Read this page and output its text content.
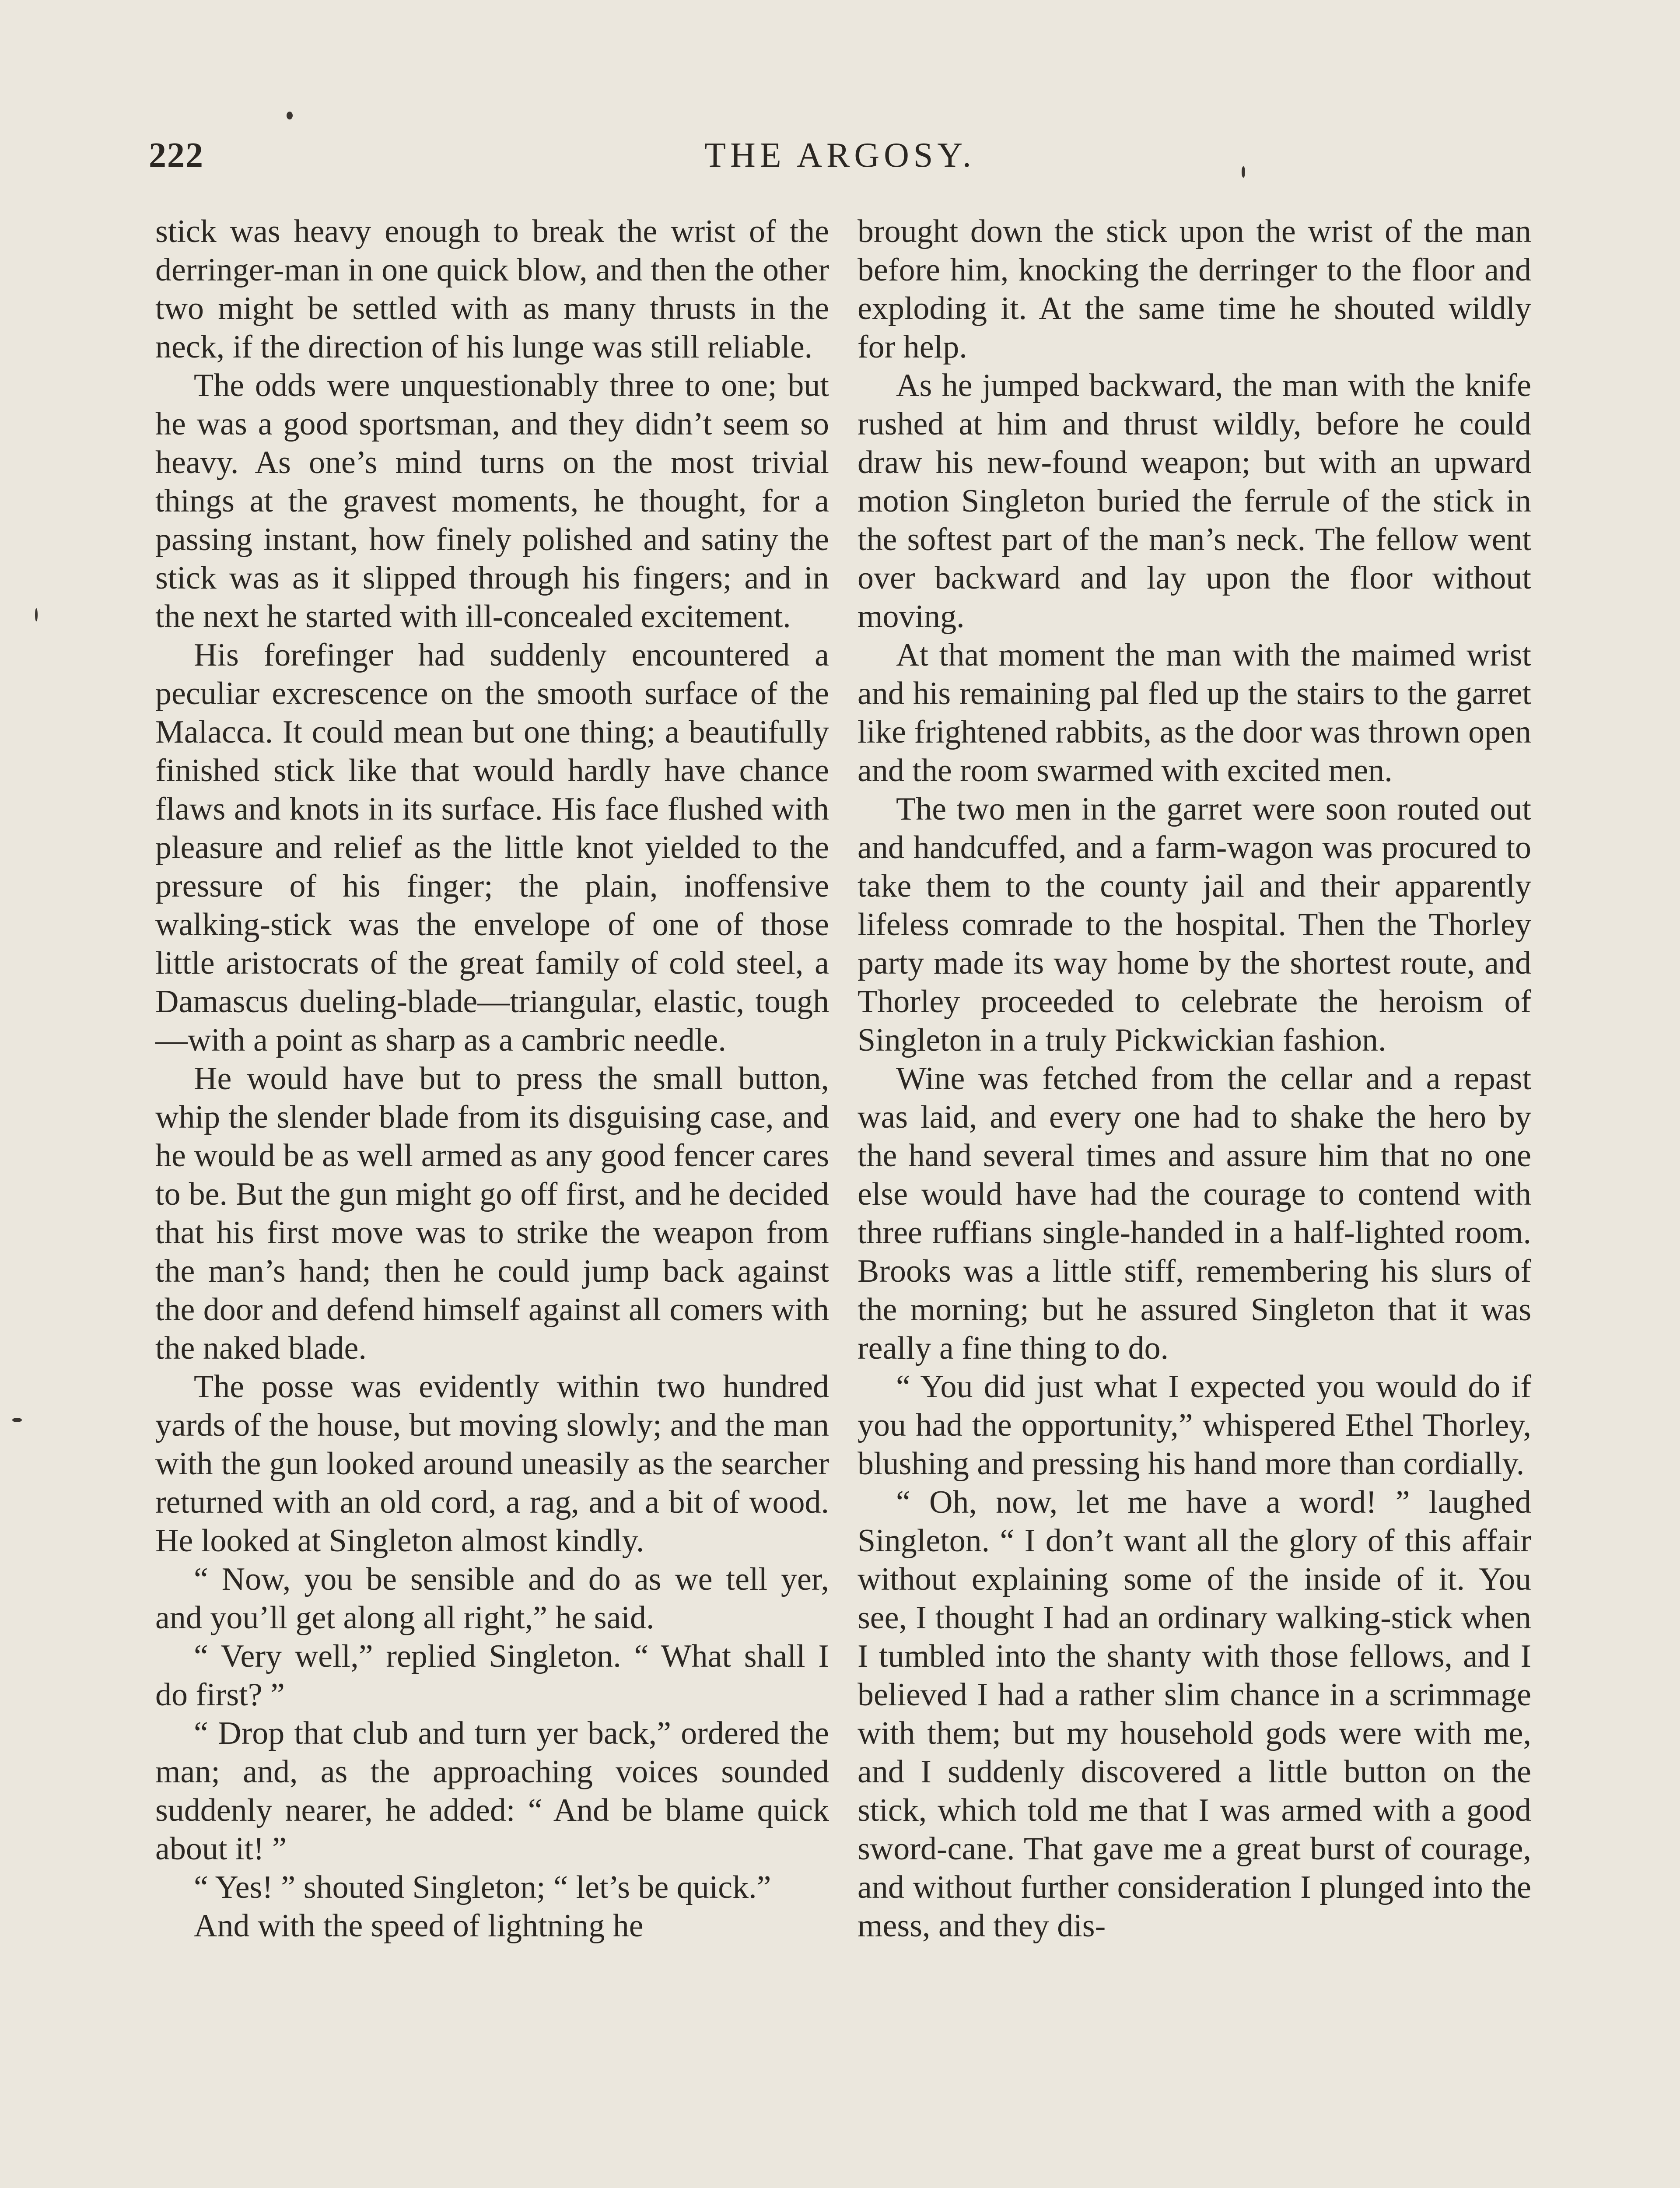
222	THE ARGOSY.

stick was heavy enough to break the wrist of the derringer-man in one quick blow, and then the other two might be settled with as many thrusts in the neck, if the direction of his lunge was still reliable.

The odds were unquestionably three to one; but he was a good sportsman, and they didn’t seem so heavy. As one’s mind turns on the most trivial things at the gravest moments, he thought, for a passing instant, how finely polished and satiny the stick was as it slipped through his fingers; and in the next he started with ill-concealed excitement.

His forefinger had suddenly encountered a peculiar excrescence on the smooth surface of the Malacca. It could mean but one thing; a beautifully finished stick like that would hardly have chance flaws and knots in its surface. His face flushed with pleasure and relief as the little knot yielded to the pressure of his finger; the plain, inoffensive walking-stick was the envelope of one of those little aristocrats of the great family of cold steel, a Damascus dueling-blade—triangular, elastic, tough—with a point as sharp as a cambric needle.

He would have but to press the small button, whip the slender blade from its disguising case, and he would be as well armed as any good fencer cares to be. But the gun might go off first, and he decided that his first move was to strike the weapon from the man’s hand; then he could jump back against the door and defend himself against all comers with the naked blade.

The posse was evidently within two hundred yards of the house, but moving slowly; and the man with the gun looked around uneasily as the searcher returned with an old cord, a rag, and a bit of wood. He looked at Singleton almost kindly.

“ Now, you be sensible and do as we tell yer, and you’ll get along all right,” he said.

“ Very well,” replied Singleton. “ What shall I do first? ”

“ Drop that club and turn yer back,” ordered the man; and, as the approaching voices sounded suddenly nearer, he added: “ And be blame quick about it! ”

“ Yes! ” shouted Singleton; “ let’s be quick.”

And with the speed of lightning he

brought down the stick upon the wrist of the man before him, knocking the derringer to the floor and exploding it. At the same time he shouted wildly for help.

As he jumped backward, the man with the knife rushed at him and thrust wildly, before he could draw his new-found weapon; but with an upward motion Singleton buried the ferrule of the stick in the softest part of the man’s neck. The fellow went over backward and lay upon the floor without moving.

At that moment the man with the maimed wrist and his remaining pal fled up the stairs to the garret like frightened rabbits, as the door was thrown open and the room swarmed with excited men.

The two men in the garret were soon routed out and handcuffed, and a farm-wagon was procured to take them to the county jail and their apparently lifeless comrade to the hospital. Then the Thorley party made its way home by the shortest route, and Thorley proceeded to celebrate the heroism of Singleton in a truly Pickwickian fashion.

Wine was fetched from the cellar and a repast was laid, and every one had to shake the hero by the hand several times and assure him that no one else would have had the courage to contend with three ruffians single-handed in a half-lighted room. Brooks was a little stiff, remembering his slurs of the morning; but he assured Singleton that it was really a fine thing to do.

“ You did just what I expected you would do if you had the opportunity,” whispered Ethel Thorley, blushing and pressing his hand more than cordially.

“ Oh, now, let me have a word! ” laughed Singleton. “ I don’t want all the glory of this affair without explaining some of the inside of it. You see, I thought I had an ordinary walking-stick when I tumbled into the shanty with those fellows, and I believed I had a rather slim chance in a scrimmage with them; but my household gods were with me, and I suddenly discovered a little button on the stick, which told me that I was armed with a good sword-cane. That gave me a great burst of courage, and without further consideration I plunged into the mess, and they dis-
